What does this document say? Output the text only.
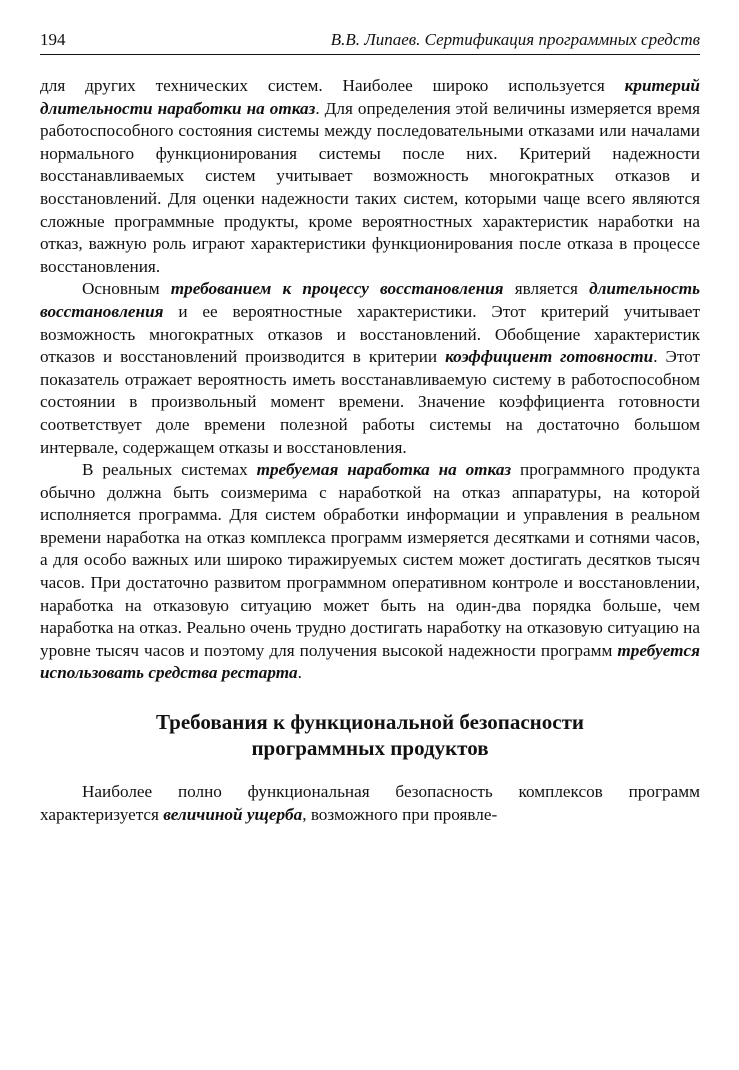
194	В.В. Липаев. Сертификация программных средств

для других технических систем. Наиболее широко используется критерий длительности наработки на отказ. Для определения этой величины измеряется время работоспособного состояния системы между последовательными отказами или началами нормального функционирования системы после них. Критерий надежности восстанавливаемых систем учитывает возможность многократных отказов и восстановлений. Для оценки надежности таких систем, которыми чаще всего являются сложные программные продукты, кроме вероятностных характеристик наработки на отказ, важную роль играют характеристики функционирования после отказа в процессе восстановления.

Основным требованием к процессу восстановления является длительность восстановления и ее вероятностные характеристики. Этот критерий учитывает возможность многократных отказов и восстановлений. Обобщение характеристик отказов и восстановлений производится в критерии коэффициент готовности. Этот показатель отражает вероятность иметь восстанавливаемую систему в работоспособном состоянии в произвольный момент времени. Значение коэффициента готовности соответствует доле времени полезной работы системы на достаточно большом интервале, содержащем отказы и восстановления.

В реальных системах требуемая наработка на отказ программного продукта обычно должна быть соизмерима с наработкой на отказ аппаратуры, на которой исполняется программа. Для систем обработки информации и управления в реальном времени наработка на отказ комплекса программ измеряется десятками и сотнями часов, а для особо важных или широко тиражируемых систем может достигать десятков тысяч часов. При достаточно развитом программном оперативном контроле и восстановлении, наработка на отказовую ситуацию может быть на один-два порядка больше, чем наработка на отказ. Реально очень трудно достигать наработку на отказовую ситуацию на уровне тысяч часов и поэтому для получения высокой надежности программ требуется использовать средства рестарта.

Требования к функциональной безопасности
программных продуктов

Наиболее полно функциональная безопасность комплексов программ характеризуется величиной ущерба, возможного при проявле-
